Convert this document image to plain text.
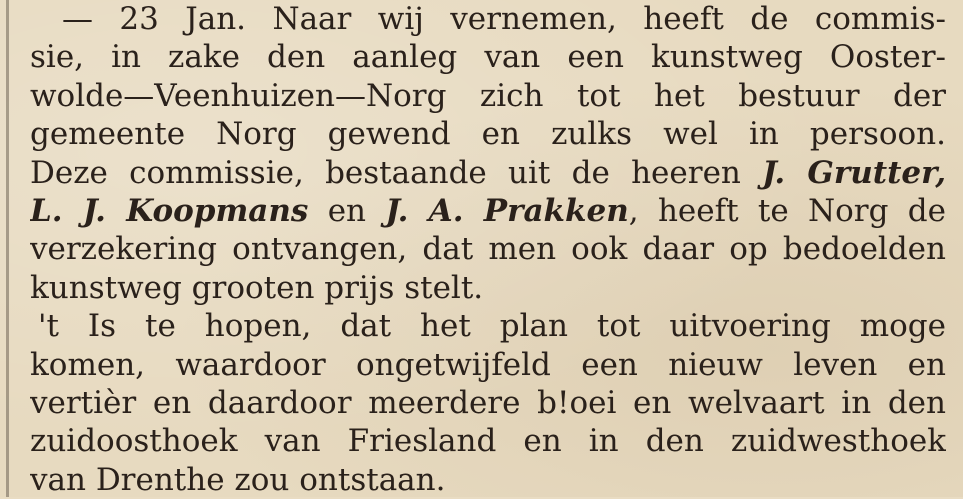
— 23 Jan. Naar wij vernemen, heeft de commis-
sie, in zake den aanleg van een kunstweg Ooster-
wolde—Veenhuizen—Norg zich tot het bestuur der
gemeente Norg gewend en zulks wel in persoon.
Deze commissie, bestaande uit de heeren J. Grutter,
L. J. Koopmans en J. A. Prakken, heeft te Norg de
verzekering ontvangen, dat men ook daar op bedoelden
kunstweg grooten prijs stelt.
't Is te hopen, dat het plan tot uitvoering moge
komen, waardoor ongetwijfeld een nieuw leven en
vertièr en daardoor meerdere b!oei en welvaart in den
zuidoosthoek van Friesland en in den zuidwesthoek
van Drenthe zou ontstaan.
